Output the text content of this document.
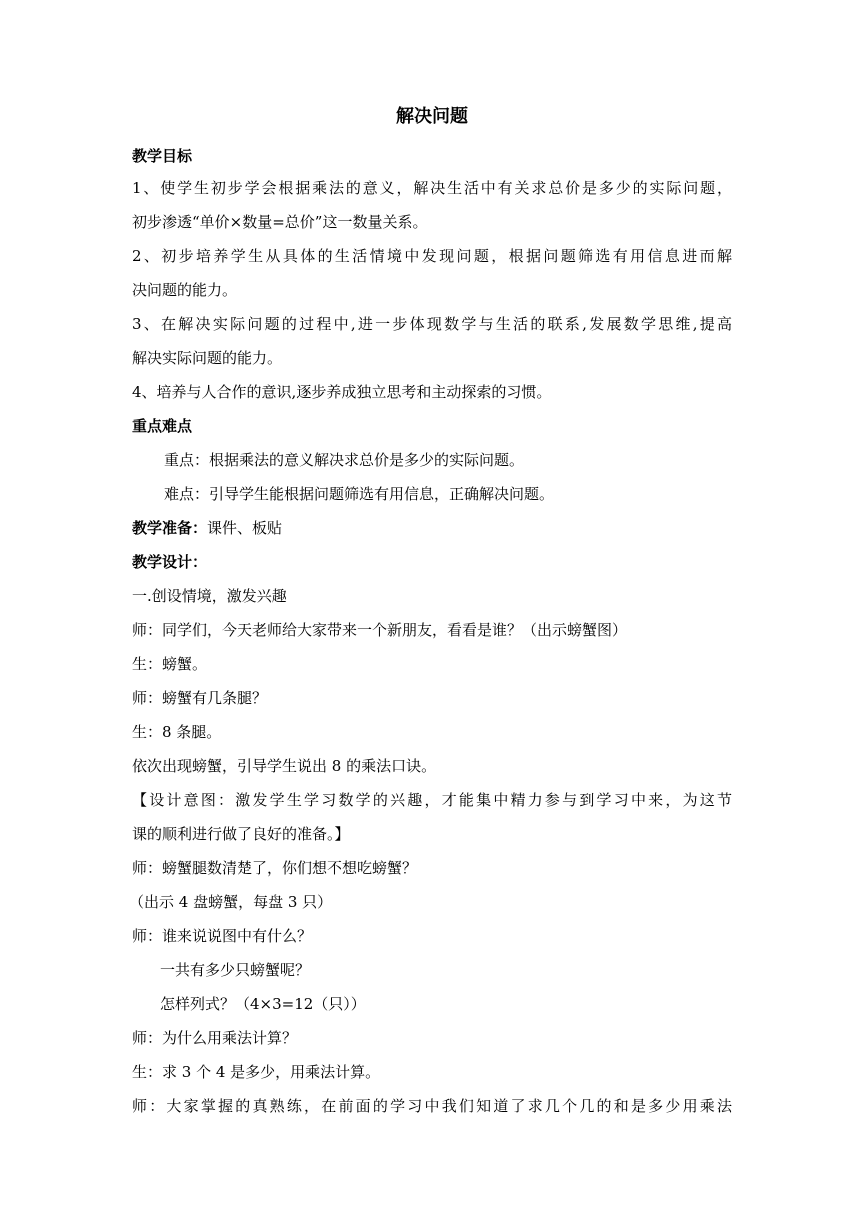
解决问题
教学目标
1、使学生初步学会根据乘法的意义，解决生活中有关求总价是多少的实际问题，
初步渗透“单价×数量=总价”这一数量关系。
2、初步培养学生从具体的生活情境中发现问题，根据问题筛选有用信息进而解
决问题的能力。
3、在解决实际问题的过程中,进一步体现数学与生活的联系,发展数学思维,提高
解决实际问题的能力。
4、培养与人合作的意识,逐步养成独立思考和主动探索的习惯。
重点难点
重点：根据乘法的意义解决求总价是多少的实际问题。
难点：引导学生能根据问题筛选有用信息，正确解决问题。
教学准备：课件、板贴
教学设计：
一.创设情境，激发兴趣
师：同学们，今天老师给大家带来一个新朋友，看看是谁？（出示螃蟹图）
生：螃蟹。
师：螃蟹有几条腿？
生：8 条腿。
依次出现螃蟹，引导学生说出 8 的乘法口诀。
【设计意图：激发学生学习数学的兴趣，才能集中精力参与到学习中来，为这节
课的顺利进行做了良好的准备。】
师：螃蟹腿数清楚了，你们想不想吃螃蟹？
（出示 4 盘螃蟹，每盘 3 只）
师：谁来说说图中有什么？
一共有多少只螃蟹呢？
怎样列式？（4×3=12（只））
师：为什么用乘法计算？
生：求 3 个 4 是多少，用乘法计算。
师：大家掌握的真熟练，在前面的学习中我们知道了求几个几的和是多少用乘法
